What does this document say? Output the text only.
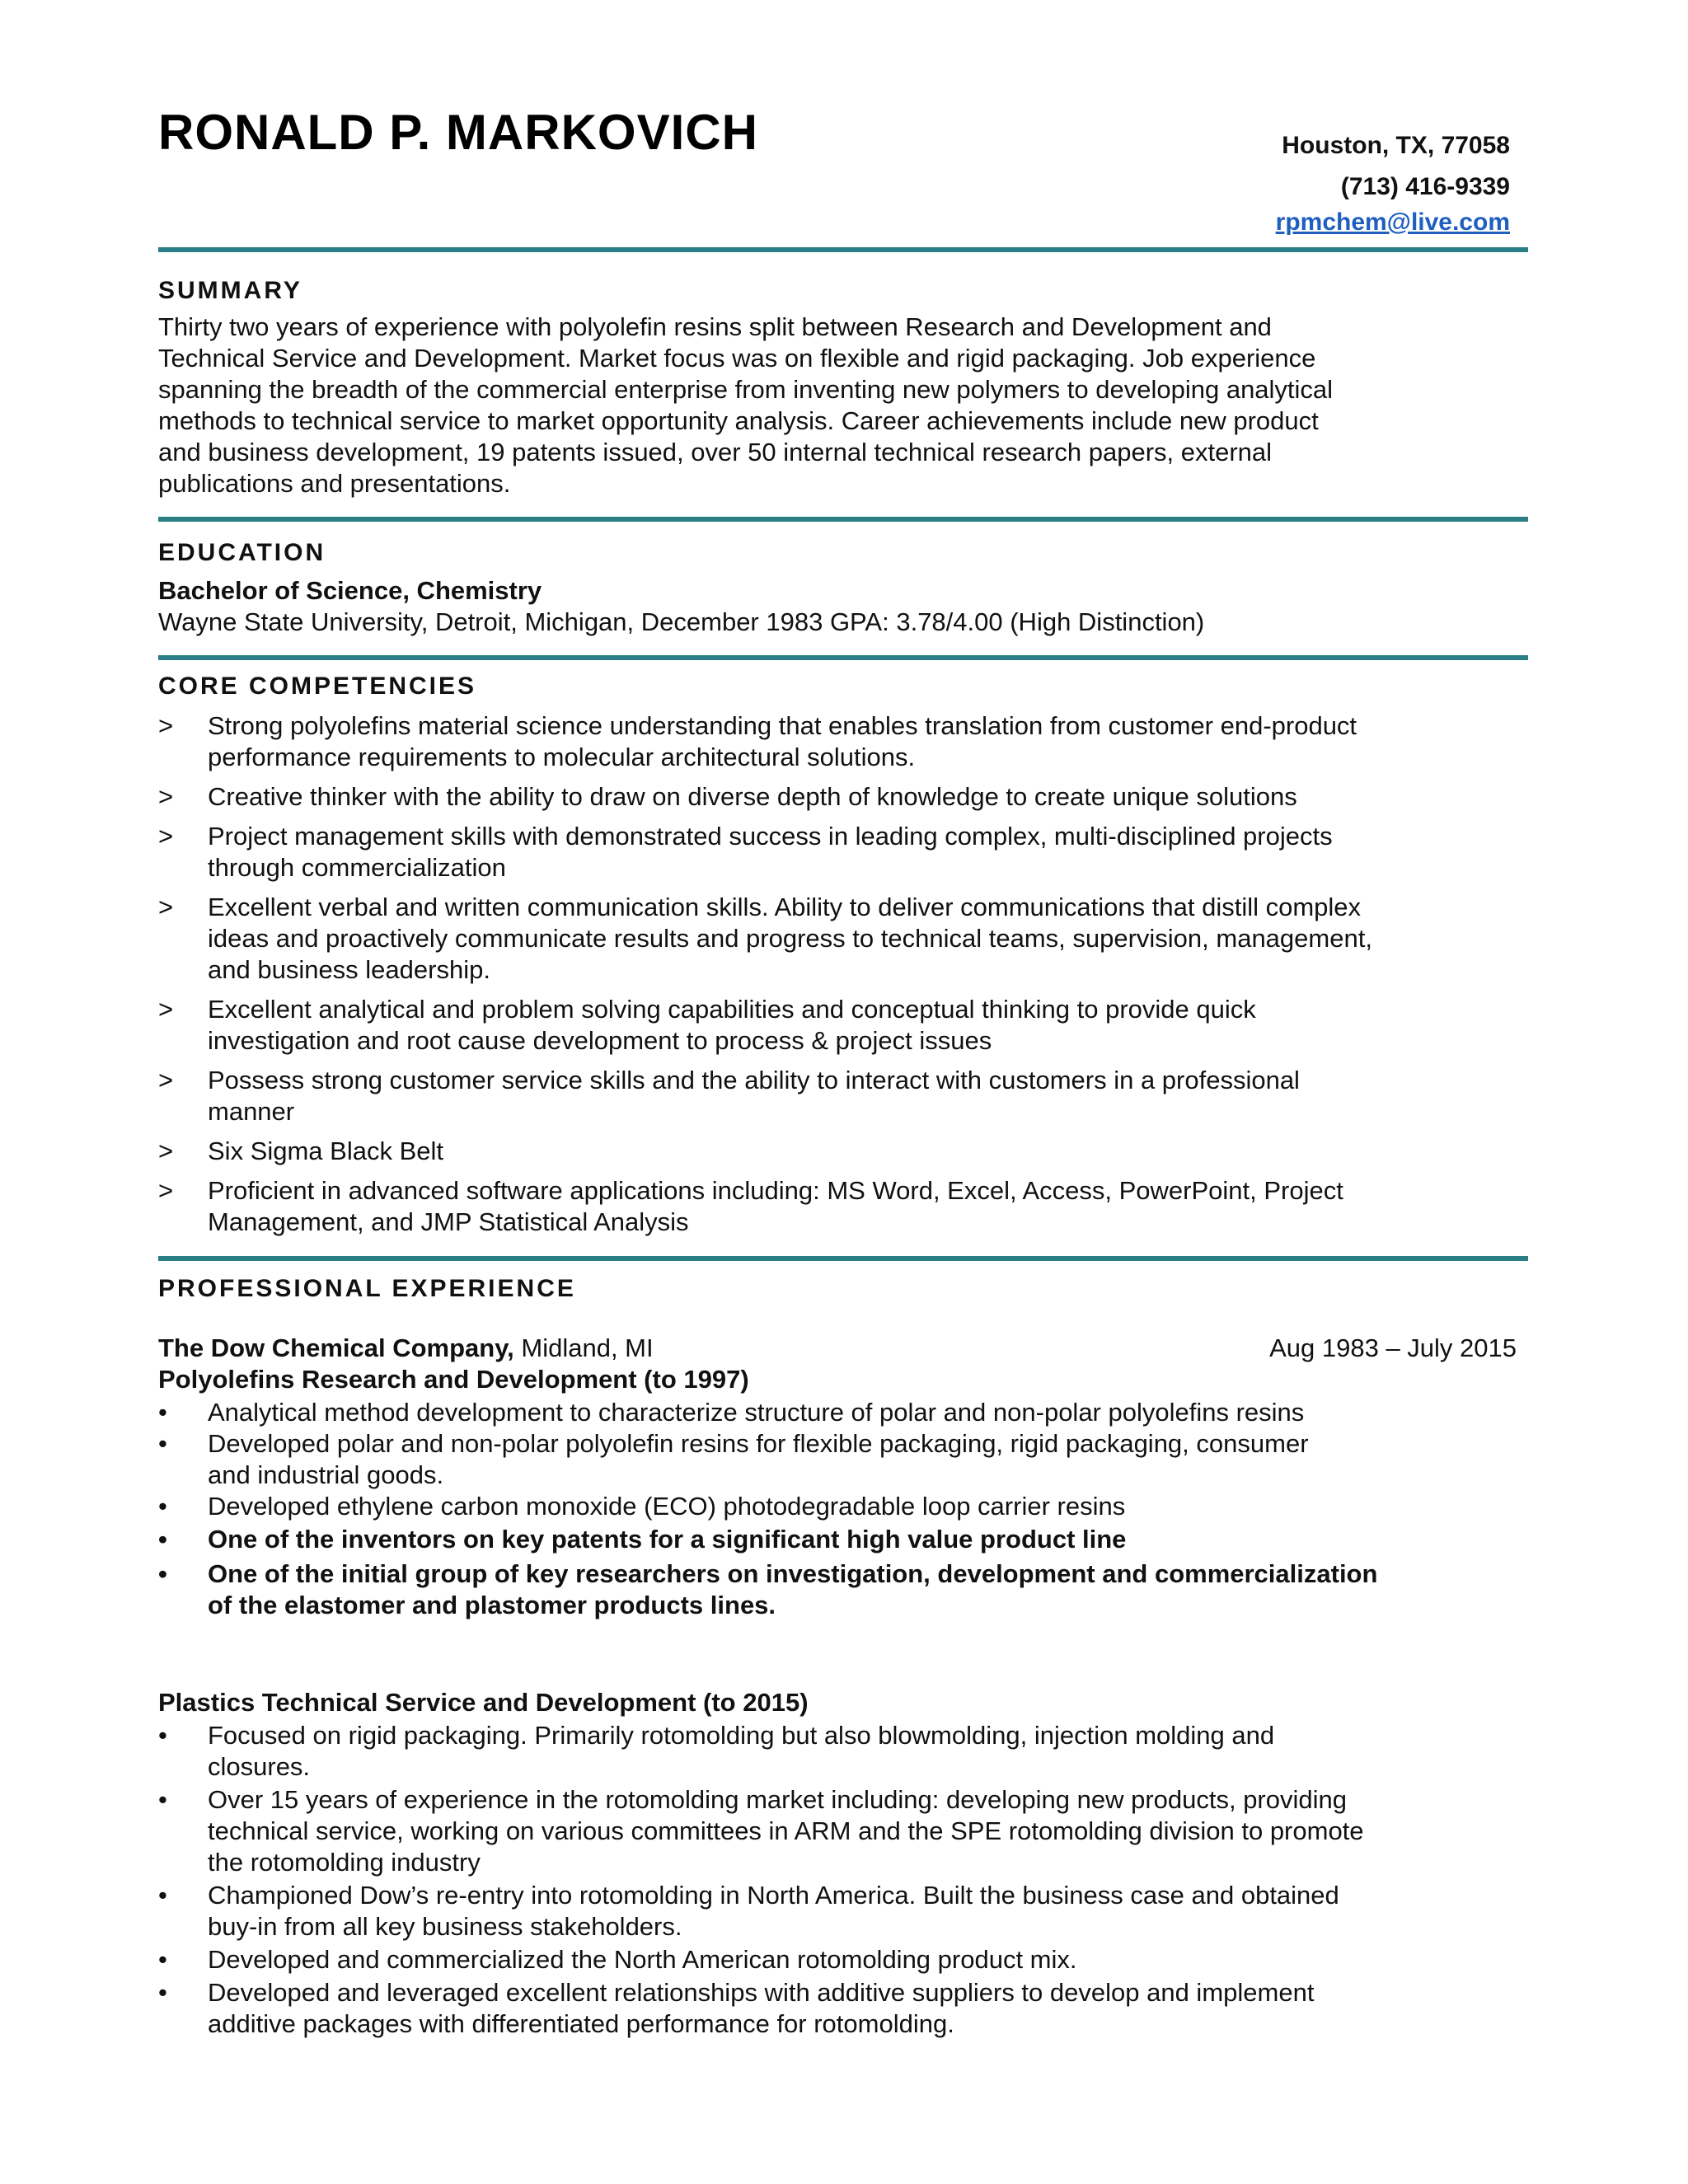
RONALD P. MARKOVICH	Houston, TX, 77058
(713) 416-9339
rpmchem@live.com
SUMMARY

Thirty two years of experience with polyolefin resins split between Research and Development and
Technical Service and Development. Market focus was on flexible and rigid packaging. Job experience
spanning the breadth of the commercial enterprise from inventing new polymers to developing analytical
methods to technical service to market opportunity analysis. Career achievements include new product
and business development, 19 patents issued, over 50 internal technical research papers, external
publications and presentations.

EDUCATION
Bachelor of Science, Chemistry
Wayne State University, Detroit, Michigan, December 1983 GPA: 3.78/4.00 (High Distinction)
CORE COMPETENCIES
> Strong polyolefins material science understanding that enables translation from customer end-product
performance requirements to molecular architectural solutions.
> Creative thinker with the ability to draw on diverse depth of knowledge to create unique solutions
> Project management skills with demonstrated success in leading complex, multi-disciplined projects
through commercialization
> Excellent verbal and written communication skills. Ability to deliver communications that distill complex
ideas and proactively communicate results and progress to technical teams, supervision, management,
and business leadership.
> Excellent analytical and problem solving capabilities and conceptual thinking to provide quick
investigation and root cause development to process & project issues
> Possess strong customer service skills and the ability to interact with customers in a professional
manner
> Six Sigma Black Belt
> Proficient in advanced software applications including: MS Word, Excel, Access, PowerPoint, Project
Management, and JMP Statistical Analysis
PROFESSIONAL EXPERIENCE
The Dow Chemical Company, Midland, MI	Aug 1983 – July 2015
Polyolefins Research and Development (to 1997)
• Analytical method development to characterize structure of polar and non-polar polyolefins resins
• Developed polar and non-polar polyolefin resins for flexible packaging, rigid packaging, consumer
and industrial goods.
• Developed ethylene carbon monoxide (ECO) photodegradable loop carrier resins
• One of the inventors on key patents for a significant high value product line
• One of the initial group of key researchers on investigation, development and commercialization
of the elastomer and plastomer products lines.
Plastics Technical Service and Development (to 2015)
• Focused on rigid packaging. Primarily rotomolding but also blowmolding, injection molding and
closures.
• Over 15 years of experience in the rotomolding market including: developing new products, providing
technical service, working on various committees in ARM and the SPE rotomolding division to promote
the rotomolding industry
• Championed Dow’s re-entry into rotomolding in North America. Built the business case and obtained
buy-in from all key business stakeholders.
• Developed and commercialized the North American rotomolding product mix.
• Developed and leveraged excellent relationships with additive suppliers to develop and implement
additive packages with differentiated performance for rotomolding.
